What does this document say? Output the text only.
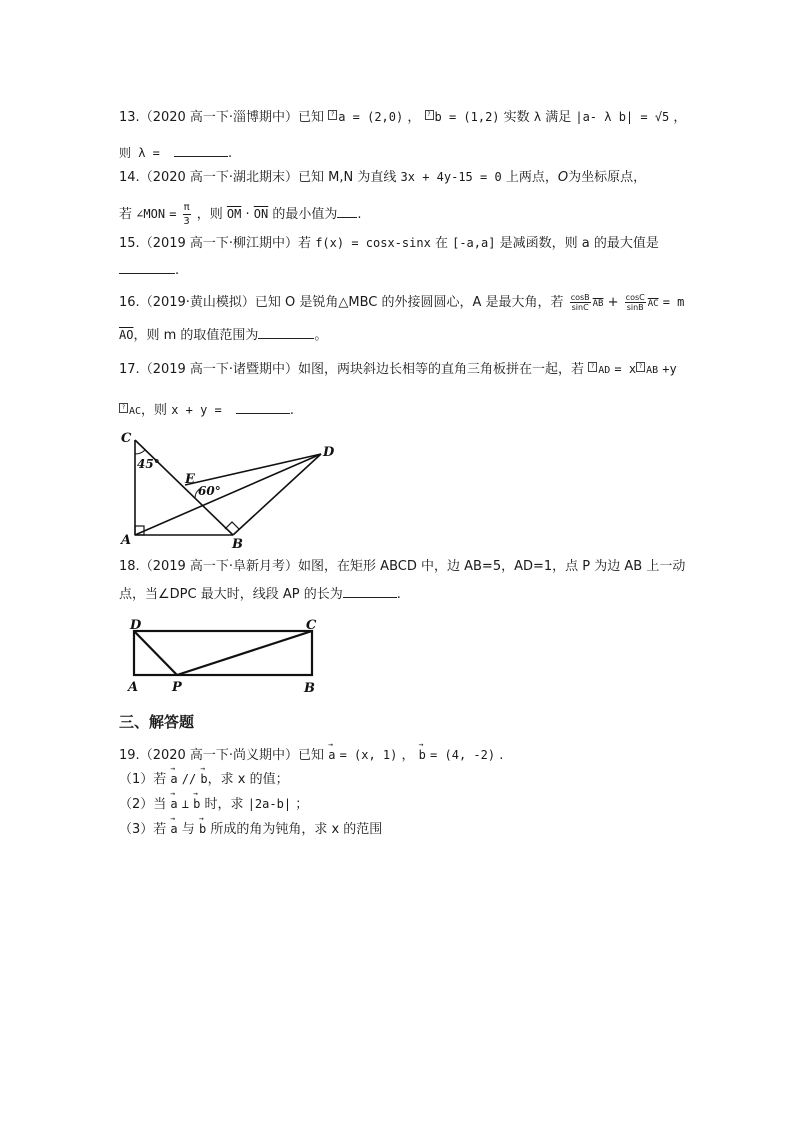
13.（2020 高一下·淄博期中）已知 ? a = (2,0) ， ? b = (1,2) 实数 λ 满足 |a- λ b| = √5 ，
则 λ =	.
14.（2020 高一下·湖北期末）已知 M,N 为直线 3x + 4y-15 = 0 上两点，O为坐标原点，
若 ∠MON = $\frac{\pi}{3}$ ，则 $\overline{OM} \cdot \overline{ON}$ 的最小值为 .
15.（2019 高一下·柳江期中）若 f(x) = cosx-sinx 在 [-a,a] 是减函数，则 a 的最大值是
.
16.（2019·黄山模拟）已知 O 是锐角△MBC 的外接圆圆心，A 是最大角，若 $\frac{\cos B}{\sin C} \overline{AB} + \frac{\cos C}{\sin B} \overline{AC} = m$
$\overline{AO}$，则 m 的取值范围为	。
17.（2019 高一下·诸暨期中）如图，两块斜边长相等的直角三角板拼在一起，若 ? AD = x ? AB +y
? AC，则 x + y =	.
C
45°
E
60°
D
A	B
18.（2019 高一下·阜新月考）如图，在矩形 ABCD 中，边 AB=5，AD=1，点 P 为边 AB 上一动
点，当∠DPC 最大时，线段 AP 的长为	.
D	C
A	P	B
三、解答题
19.（2020 高一下·尚义期中）已知 → a = (x, 1) ， → b = (4, -2) .
（1）若 → a // → b，求 x 的值；
（2）当 → a ⊥ → b 时，求 |2a-b| ；
（3）若 → a 与 → b 所成的角为钝角，求 x 的范围
